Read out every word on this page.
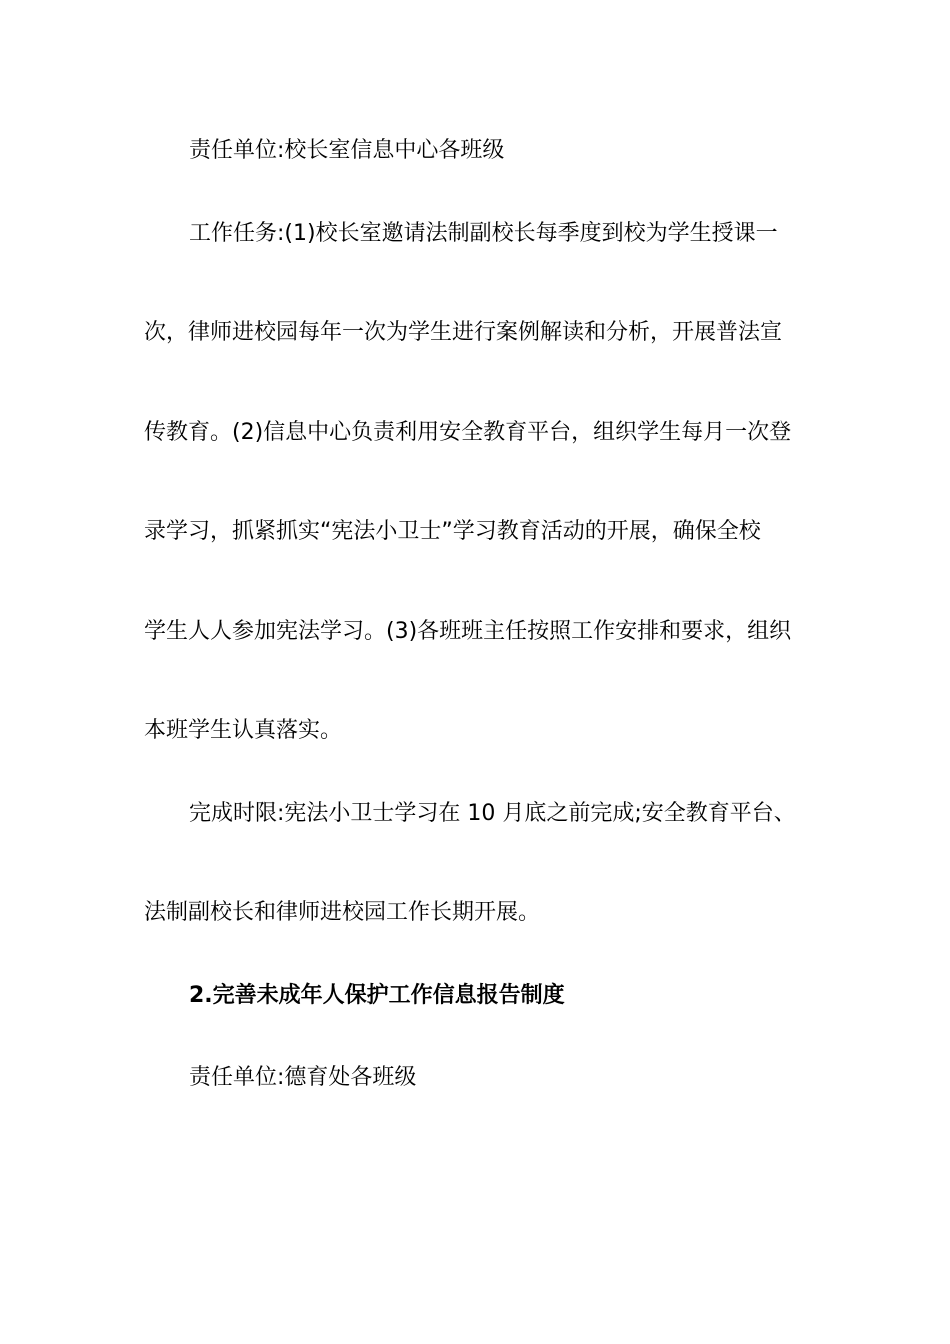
责任单位:校长室信息中心各班级
工作任务:(1)校长室邀请法制副校长每季度到校为学生授课一
次，律师进校园每年一次为学生进行案例解读和分析，开展普法宣
传教育。(2)信息中心负责利用安全教育平台，组织学生每月一次登
录学习，抓紧抓实“宪法小卫士”学习教育活动的开展，确保全校
学生人人参加宪法学习。(3)各班班主任按照工作安排和要求，组织
本班学生认真落实。
完成时限:宪法小卫士学习在 10 月底之前完成;安全教育平台、
法制副校长和律师进校园工作长期开展。
2.完善未成年人保护工作信息报告制度
责任单位:德育处各班级
